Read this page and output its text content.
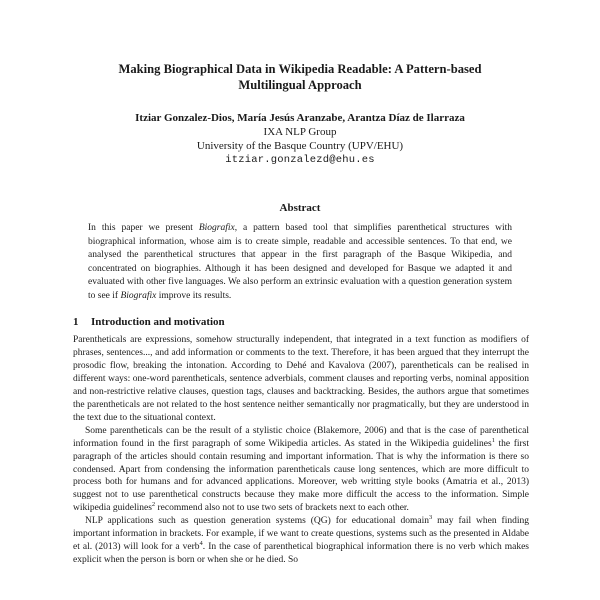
Making Biographical Data in Wikipedia Readable: A Pattern-based
Multilingual Approach
Itziar Gonzalez-Dios, María Jesús Aranzabe, Arantza Díaz de Ilarraza
IXA NLP Group
University of the Basque Country (UPV/EHU)
itziar.gonzalezd@ehu.es
Abstract

In this paper we present Biografix, a pattern based tool that simplifies parenthetical structures with biographical information, whose aim is to create simple, readable and accessible sentences. To that end, we analysed the parenthetical structures that appear in the first paragraph of the Basque Wikipedia, and concentrated on biographies. Although it has been designed and developed for Basque we adapted it and evaluated with other five languages. We also perform an extrinsic evaluation with a question generation system to see if Biografix improve its results.

1 Introduction and motivation

Parentheticals are expressions, somehow structurally independent, that integrated in a text function as modifiers of phrases, sentences..., and add information or comments to the text. Therefore, it has been argued that they interrupt the prosodic flow, breaking the intonation. According to Dehé and Kavalova (2007), parentheticals can be realised in different ways: one-word parentheticals, sentence adverbials, comment clauses and reporting verbs, nominal apposition and non-restrictive relative clauses, question tags, clauses and backtracking. Besides, the authors argue that sometimes the parentheticals are not related to the host sentence neither semantically nor pragmatically, but they are understood in the text due to the situational context.

Some parentheticals can be the result of a stylistic choice (Blakemore, 2006) and that is the case of parenthetical information found in the first paragraph of some Wikipedia articles. As stated in the Wikipedia guidelines$^1$ the first paragraph of the articles should contain resuming and important information. That is why the information is there so condensed. Apart from condensing the information parentheticals cause long sentences, which are more difficult to process both for humans and for advanced applications. Moreover, web writting style books (Amatria et al., 2013) suggest not to use parenthetical constructs because they make more difficult the access to the information. Simple wikipedia guidelines$^2$ recommend also not to use two sets of brackets next to each other.

NLP applications such as question generation systems (QG) for educational domain$^3$ may fail when finding important information in brackets. For example, if we want to create questions, systems such as the presented in Aldabe et al. (2013) will look for a verb$^4$. In the case of parenthetical biographical information there is no verb which makes explicit when the person is born or when she or he died. So
